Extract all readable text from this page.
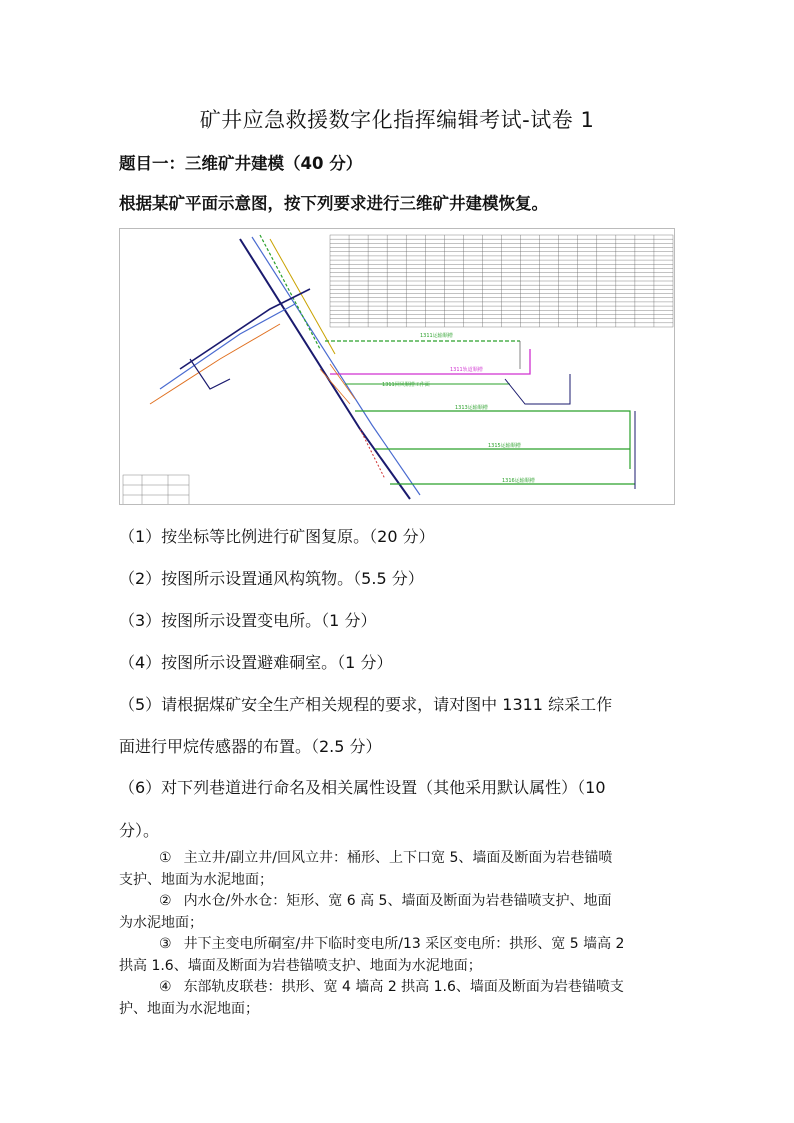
矿井应急救援数字化指挥编辑考试-试卷 1
题目一：三维矿井建模（40 分）
根据某矿平面示意图，按下列要求进行三维矿井建模恢复。
1311运输顺槽
1311轨道顺槽
1311回风顺槽工作面
1313运输顺槽
1315运输顺槽
1316运输顺槽
（1）按坐标等比例进行矿图复原。（20 分）
（2）按图所示设置通风构筑物。（5.5 分）
（3）按图所示设置变电所。（1 分）
（4）按图所示设置避难硐室。（1 分）
（5）请根据煤矿安全生产相关规程的要求，请对图中 1311 综采工作
面进行甲烷传感器的布置。（2.5 分）
（6）对下列巷道进行命名及相关属性设置（其他采用默认属性）（10
分）。
① 主立井/副立井/回风立井：桶形、上下口宽 5、墙面及断面为岩巷锚喷
支护、地面为水泥地面；
② 内水仓/外水仓：矩形、宽 6 高 5、墙面及断面为岩巷锚喷支护、地面
为水泥地面；
③ 井下主变电所硐室/井下临时变电所/13 采区变电所：拱形、宽 5 墙高 2
拱高 1.6、墙面及断面为岩巷锚喷支护、地面为水泥地面；
④ 东部轨皮联巷：拱形、宽 4 墙高 2 拱高 1.6、墙面及断面为岩巷锚喷支
护、地面为水泥地面；
